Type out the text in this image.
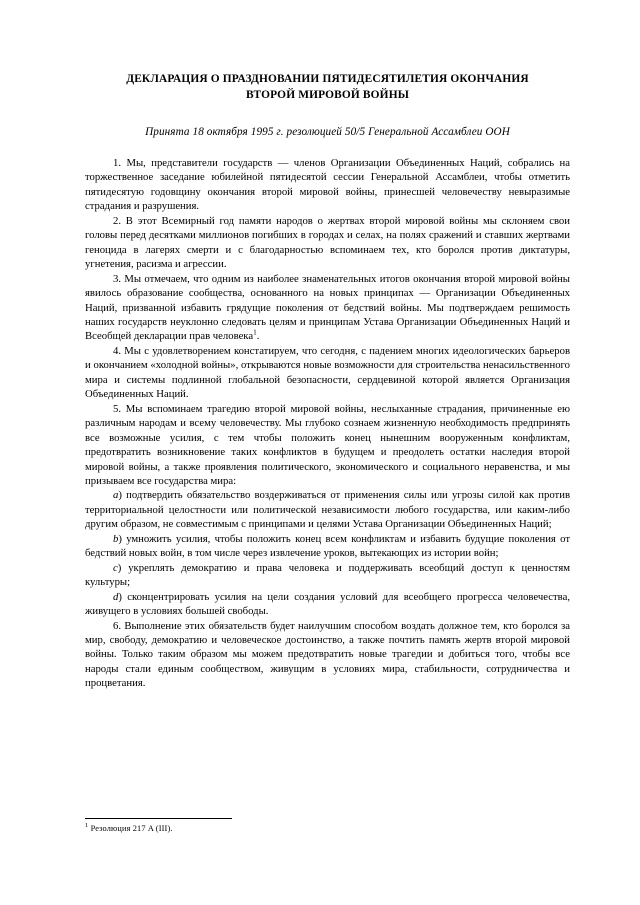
ДЕКЛАРАЦИЯ О ПРАЗДНОВАНИИ ПЯТИДЕСЯТИЛЕТИЯ ОКОНЧАНИЯ
ВТОРОЙ МИРОВОЙ ВОЙНЫ

Принята 18 октября 1995 г. резолюцией 50/5 Генеральной Ассамблеи ООН

1. Мы, представители государств — членов Организации Объединенных Наций, собрались на торжественное заседание юбилейной пятидесятой сессии Генеральной Ассамблеи, чтобы отметить пятидесятую годовщину окончания второй мировой войны, принесшей человечеству невыразимые страдания и разрушения.

2. В этот Всемирный год памяти народов о жертвах второй мировой войны мы склоняем свои головы перед десятками миллионов погибших в городах и селах, на полях сражений и ставших жертвами геноцида в лагерях смерти и с благодарностью вспоминаем тех, кто боролся против диктатуры, угнетения, расизма и агрессии.

3. Мы отмечаем, что одним из наиболее знаменательных итогов окончания второй мировой войны явилось образование сообщества, основанного на новых принципах — Организации Объединенных Наций, призванной избавить грядущие поколения от бедствий войны. Мы подтверждаем решимость наших государств неуклонно следовать целям и принципам Устава Организации Объединенных Наций и Всеобщей декларации прав человека$^1$.

4. Мы с удовлетворением констатируем, что сегодня, с падением многих идеологических барьеров и окончанием «холодной войны», открываются новые возможности для строительства ненасильственного мира и системы подлинной глобальной безопасности, сердцевиной которой является Организация Объединенных Наций.

5. Мы вспоминаем трагедию второй мировой войны, неслыханные страдания, причиненные ею различным народам и всему человечеству. Мы глубоко сознаем жизненную необходимость предпринять все возможные усилия, с тем чтобы положить конец нынешним вооруженным конфликтам, предотвратить возникновение таких конфликтов в будущем и преодолеть остатки наследия второй мировой войны, а также проявления политического, экономического и социального неравенства, и мы призываем все государства мира:

a) подтвердить обязательство воздерживаться от применения силы или угрозы силой как против территориальной целостности или политической независимости любого государства, или каким-либо другим образом, не совместимым с принципами и целями Устава Организации Объединенных Наций;

b) умножить усилия, чтобы положить конец всем конфликтам и избавить будущие поколения от бедствий новых войн, в том числе через извлечение уроков, вытекающих из истории войн;

c) укреплять демократию и права человека и поддерживать всеобщий доступ к ценностям культуры;

d) сконцентрировать усилия на цели создания условий для всеобщего прогресса человечества, живущего в условиях большей свободы.

6. Выполнение этих обязательств будет наилучшим способом воздать должное тем, кто боролся за мир, свободу, демократию и человеческое достоинство, а также почтить память жертв второй мировой войны. Только таким образом мы можем предотвратить новые трагедии и добиться того, чтобы все народы стали единым сообществом, живущим в условиях мира, стабильности, сотрудничества и процветания.

$^1$ Резолюция 217 A (III).
